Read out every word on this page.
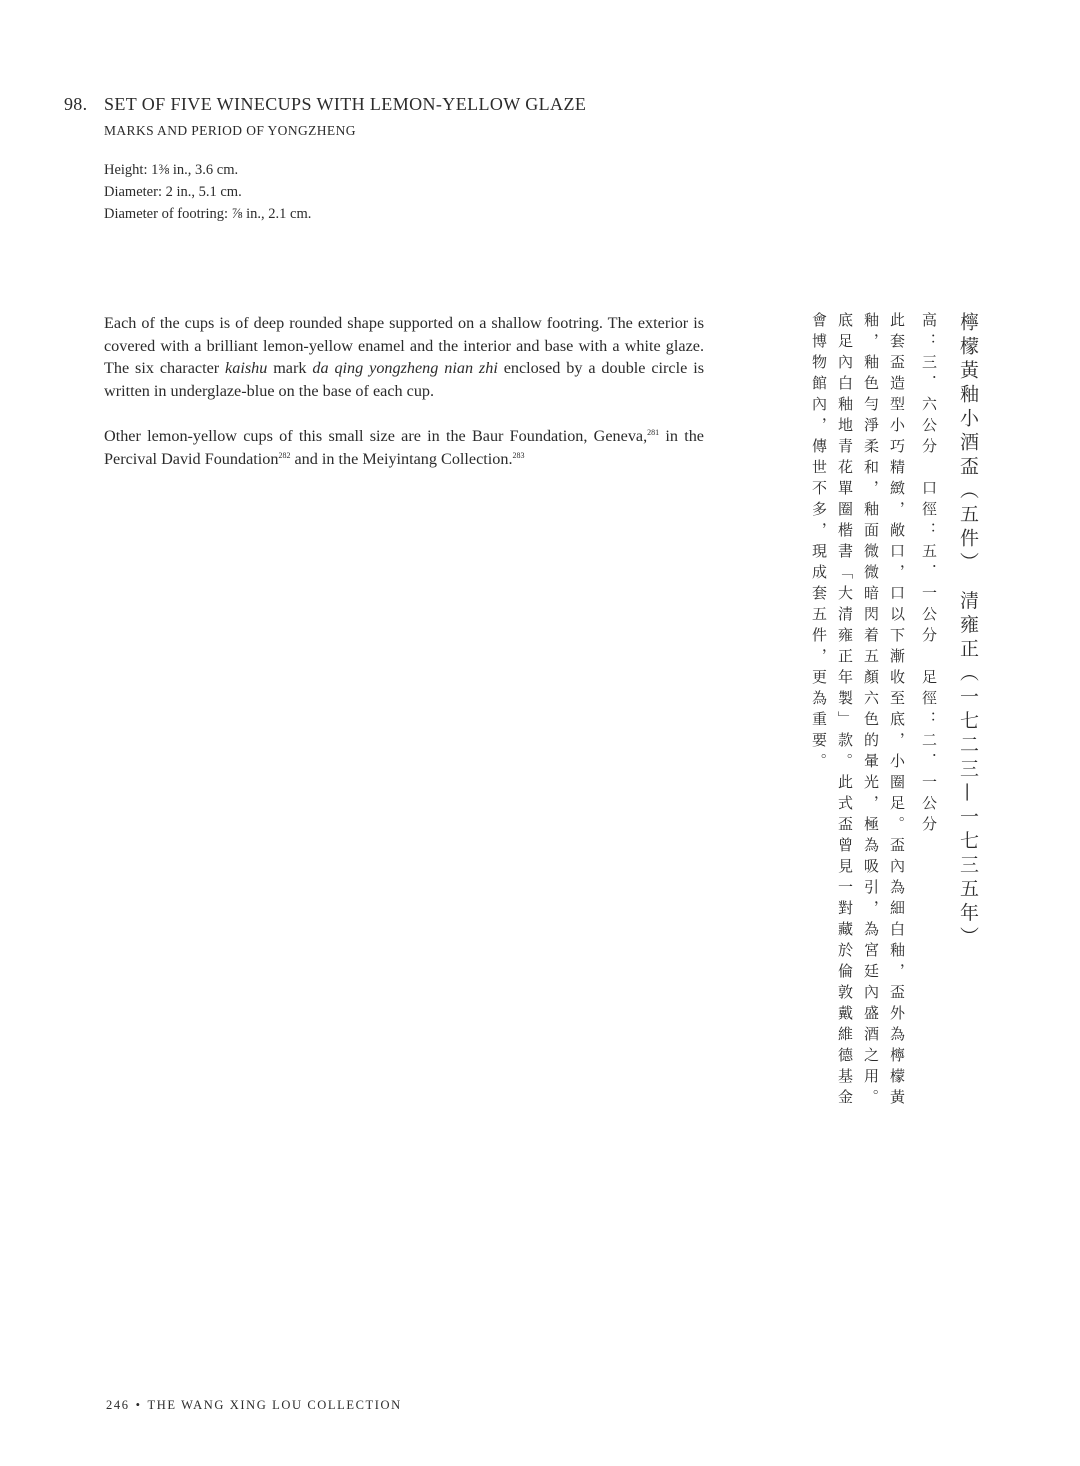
98. SET OF FIVE WINECUPS WITH LEMON-YELLOW GLAZE
MARKS AND PERIOD OF YONGZHENG
Height: 1⅜ in., 3.6 cm.
Diameter: 2 in., 5.1 cm.
Diameter of footring: ⅞ in., 2.1 cm.

Each of the cups is of deep rounded shape supported on a shallow footring. The exterior is covered with a brilliant lemon-yellow enamel and the interior and base with a white glaze. The six character kaishu mark da qing yongzheng nian zhi enclosed by a double circle is written in underglaze-blue on the base of each cup.

Other lemon-yellow cups of this small size are in the Baur Foundation, Geneva,$^{281}$ in the Percival David Foundation$^{282}$ and in the Meiyintang Collection.$^{283}$	檸檬黃釉小酒盃（五件）　清雍正（一七二三—一七三五年）
高：三．六公分　口徑：五．一公分　足徑：二．一公分
此套盃造型小巧精緻，敞口，口以下漸收至底，小圈足。盃內為細白釉，盃外為檸檬黃釉，釉色勻淨柔和，釉面微微暗閃着五顏六色的暈光，極為吸引，為宮廷內盛酒之用。底足內白釉地青花單圈楷書「大清雍正年製」款。此式盃曾見一對藏於倫敦戴維德基金會博物館內，傳世不多，現成套五件，更為重要。
246 • THE WANG XING LOU COLLECTION
